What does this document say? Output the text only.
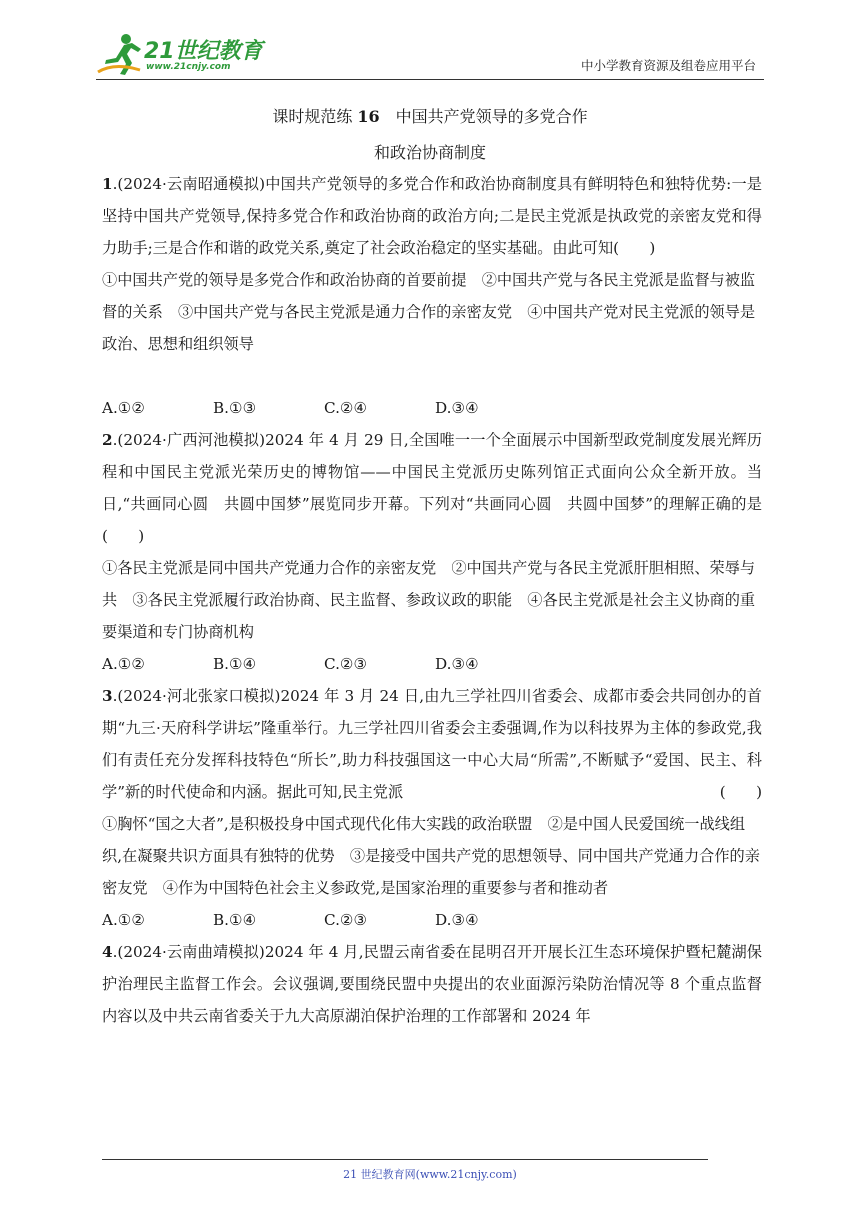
21世纪教育
www.21cnjy.com	中小学教育资源及组卷应用平台
课时规范练 16　中国共产党领导的多党合作
和政治协商制度

1.(2024·云南昭通模拟)中国共产党领导的多党合作和政治协商制度具有鲜明特色和独特优势:一是坚持中国共产党领导,保持多党合作和政治协商的政治方向;二是民主党派是执政党的亲密友党和得力助手;三是合作和谐的政党关系,奠定了社会政治稳定的坚实基础。由此可知(　　)

①中国共产党的领导是多党合作和政治协商的首要前提　②中国共产党与各民主党派是监督与被监督的关系　③中国共产党与各民主党派是通力合作的亲密友党　④中国共产党对民主党派的领导是政治、思想和组织领导

A.①②	B.①③	C.②④	D.③④

2.(2024·广西河池模拟)2024 年 4 月 29 日,全国唯一一个全面展示中国新型政党制度发展光辉历程和中国民主党派光荣历史的博物馆——中国民主党派历史陈列馆正式面向公众全新开放。当日,“共画同心圆　共圆中国梦”展览同步开幕。下列对“共画同心圆　共圆中国梦”的理解正确的是(　　)

①各民主党派是同中国共产党通力合作的亲密友党　②中国共产党与各民主党派肝胆相照、荣辱与共　③各民主党派履行政治协商、民主监督、参政议政的职能　④各民主党派是社会主义协商的重要渠道和专门协商机构

A.①②	B.①④	C.②③	D.③④

3.(2024·河北张家口模拟)2024 年 3 月 24 日,由九三学社四川省委会、成都市委会共同创办的首期“九三·天府科学讲坛”隆重举行。九三学社四川省委会主委强调,作为以科技界为主体的参政党,我们有责任充分发挥科技特色“所长”,助力科技强国这一中心大局“所需”,不断赋予“爱国、民主、科学”新的时代使命和内涵。据此可知,民主党派	(　　)

①胸怀“国之大者”,是积极投身中国式现代化伟大实践的政治联盟　②是中国人民爱国统一战线组织,在凝聚共识方面具有独特的优势　③是接受中国共产党的思想领导、同中国共产党通力合作的亲密友党　④作为中国特色社会主义参政党,是国家治理的重要参与者和推动者

A.①②	B.①④	C.②③	D.③④

4.(2024·云南曲靖模拟)2024 年 4 月,民盟云南省委在昆明召开开展长江生态环境保护暨杞麓湖保护治理民主监督工作会。会议强调,要围绕民盟中央提出的农业面源污染防治情况等 8 个重点监督内容以及中共云南省委关于九大高原湖泊保护治理的工作部署和 2024 年

21 世纪教育网(www.21cnjy.com)
